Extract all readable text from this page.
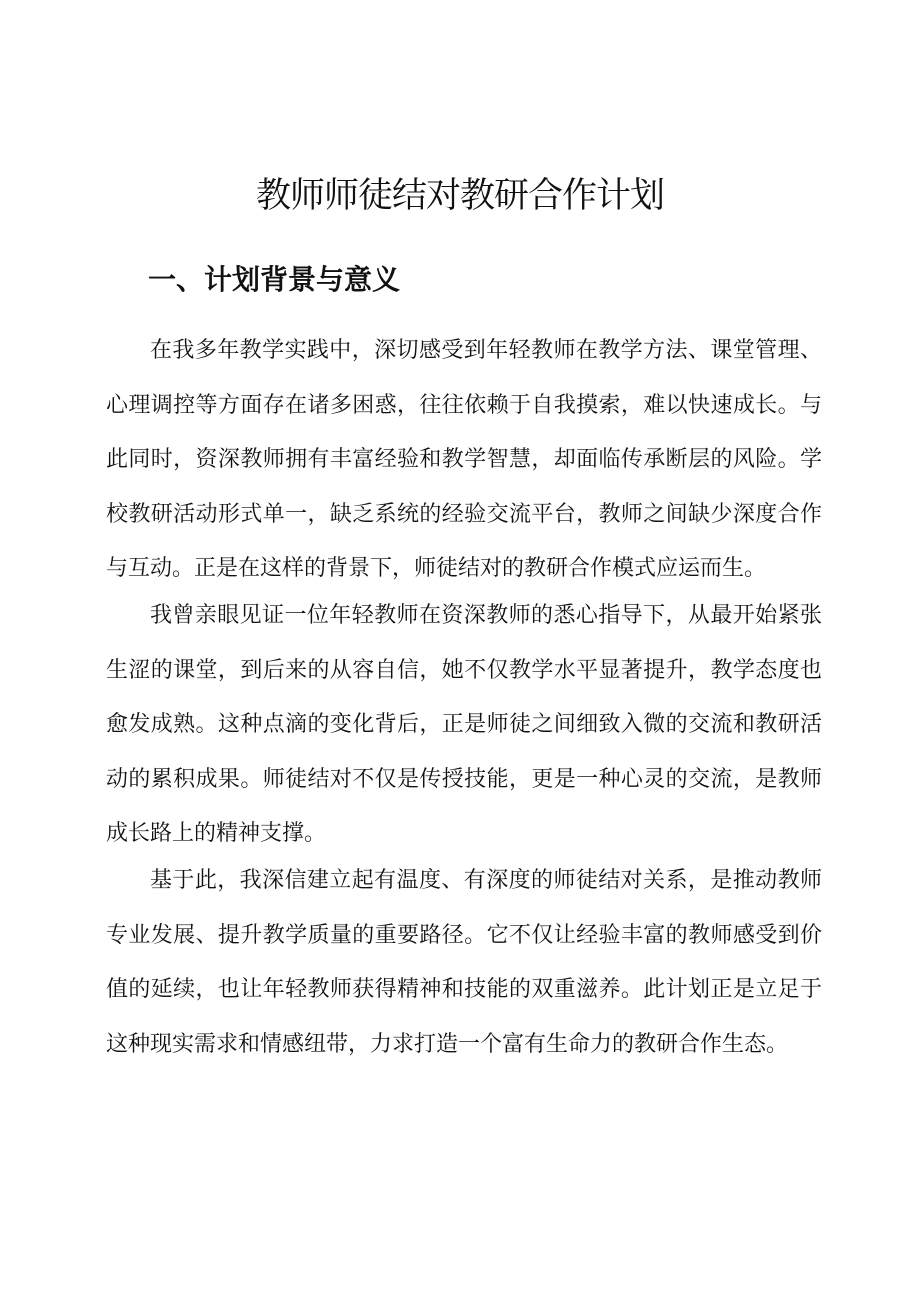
教师师徒结对教研合作计划
一、计划背景与意义

在我多年教学实践中，深切感受到年轻教师在教学方法、课堂管理、心理调控等方面存在诸多困惑，往往依赖于自我摸索，难以快速成长。与此同时，资深教师拥有丰富经验和教学智慧，却面临传承断层的风险。学校教研活动形式单一，缺乏系统的经验交流平台，教师之间缺少深度合作与互动。正是在这样的背景下，师徒结对的教研合作模式应运而生。

我曾亲眼见证一位年轻教师在资深教师的悉心指导下，从最开始紧张生涩的课堂，到后来的从容自信，她不仅教学水平显著提升，教学态度也愈发成熟。这种点滴的变化背后，正是师徒之间细致入微的交流和教研活动的累积成果。师徒结对不仅是传授技能，更是一种心灵的交流，是教师成长路上的精神支撑。

基于此，我深信建立起有温度、有深度的师徒结对关系，是推动教师专业发展、提升教学质量的重要路径。它不仅让经验丰富的教师感受到价值的延续，也让年轻教师获得精神和技能的双重滋养。此计划正是立足于这种现实需求和情感纽带，力求打造一个富有生命力的教研合作生态。
